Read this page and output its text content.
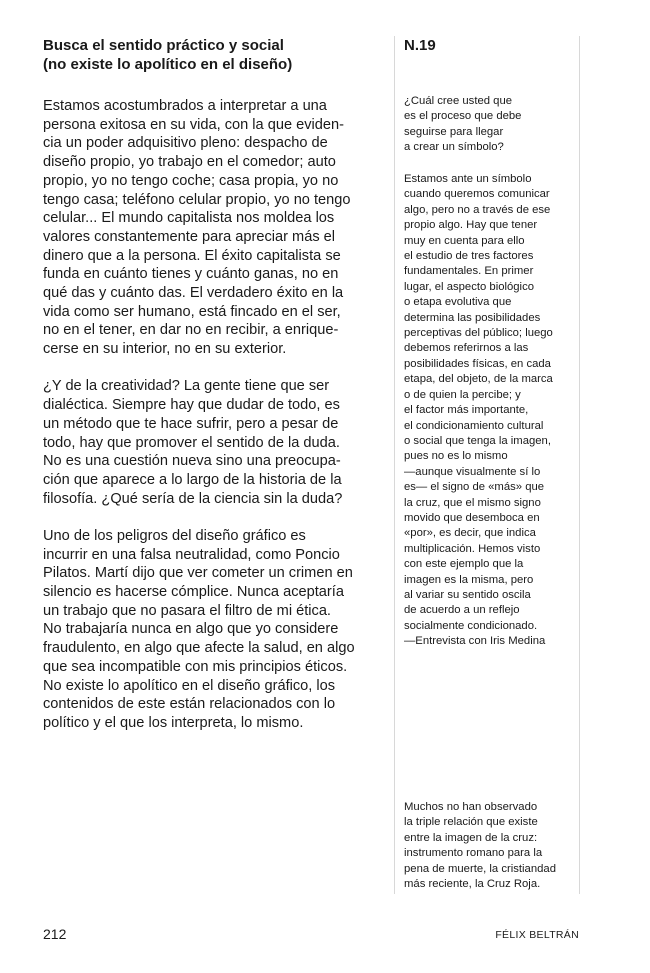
Busca el sentido práctico y social
(no existe lo apolítico en el diseño)

Estamos acostumbrados a interpretar a una
persona exitosa en su vida, con la que eviden-
cia un poder adquisitivo pleno: despacho de
diseño propio, yo trabajo en el comedor; auto
propio, yo no tengo coche; casa propia, yo no
tengo casa; teléfono celular propio, yo no tengo
celular... El mundo capitalista nos moldea los
valores constantemente para apreciar más el
dinero que a la persona. El éxito capitalista se
funda en cuánto tienes y cuánto ganas, no en
qué das y cuánto das. El verdadero éxito en la
vida como ser humano, está fincado en el ser,
no en el tener, en dar no en recibir, a enrique-
cerse en su interior, no en su exterior.

¿Y de la creatividad? La gente tiene que ser
dialéctica. Siempre hay que dudar de todo, es
un método que te hace sufrir, pero a pesar de
todo, hay que promover el sentido de la duda.
No es una cuestión nueva sino una preocupa-
ción que aparece a lo largo de la historia de la
filosofía. ¿Qué sería de la ciencia sin la duda?

Uno de los peligros del diseño gráfico es
incurrir en una falsa neutralidad, como Poncio
Pilatos. Martí dijo que ver cometer un crimen en
silencio es hacerse cómplice. Nunca aceptaría
un trabajo que no pasara el filtro de mi ética.
No trabajaría nunca en algo que yo considere
fraudulento, en algo que afecte la salud, en algo
que sea incompatible con mis principios éticos.
No existe lo apolítico en el diseño gráfico, los
contenidos de este están relacionados con lo
político y el que los interpreta, lo mismo.

N.19
¿Cuál cree usted que
es el proceso que debe
seguirse para llegar
a crear un símbolo?
Estamos ante un símbolo
cuando queremos comunicar
algo, pero no a través de ese
propio algo. Hay que tener
muy en cuenta para ello
el estudio de tres factores
fundamentales. En primer
lugar, el aspecto biológico
o etapa evolutiva que
determina las posibilidades
perceptivas del público; luego
debemos referirnos a las
posibilidades físicas, en cada
etapa, del objeto, de la marca
o de quien la percibe; y
el factor más importante,
el condicionamiento cultural
o social que tenga la imagen,
pues no es lo mismo
—aunque visualmente sí lo
es— el signo de «más» que
la cruz, que el mismo signo
movido que desemboca en
«por», es decir, que indica
multiplicación. Hemos visto
con este ejemplo que la
imagen es la misma, pero
al variar su sentido oscila
de acuerdo a un reflejo
socialmente condicionado.
—Entrevista con Iris Medina
Muchos no han observado
la triple relación que existe
entre la imagen de la cruz:
instrumento romano para la
pena de muerte, la cristiandad
más reciente, la Cruz Roja.
212	FÉLIX BELTRÁN
